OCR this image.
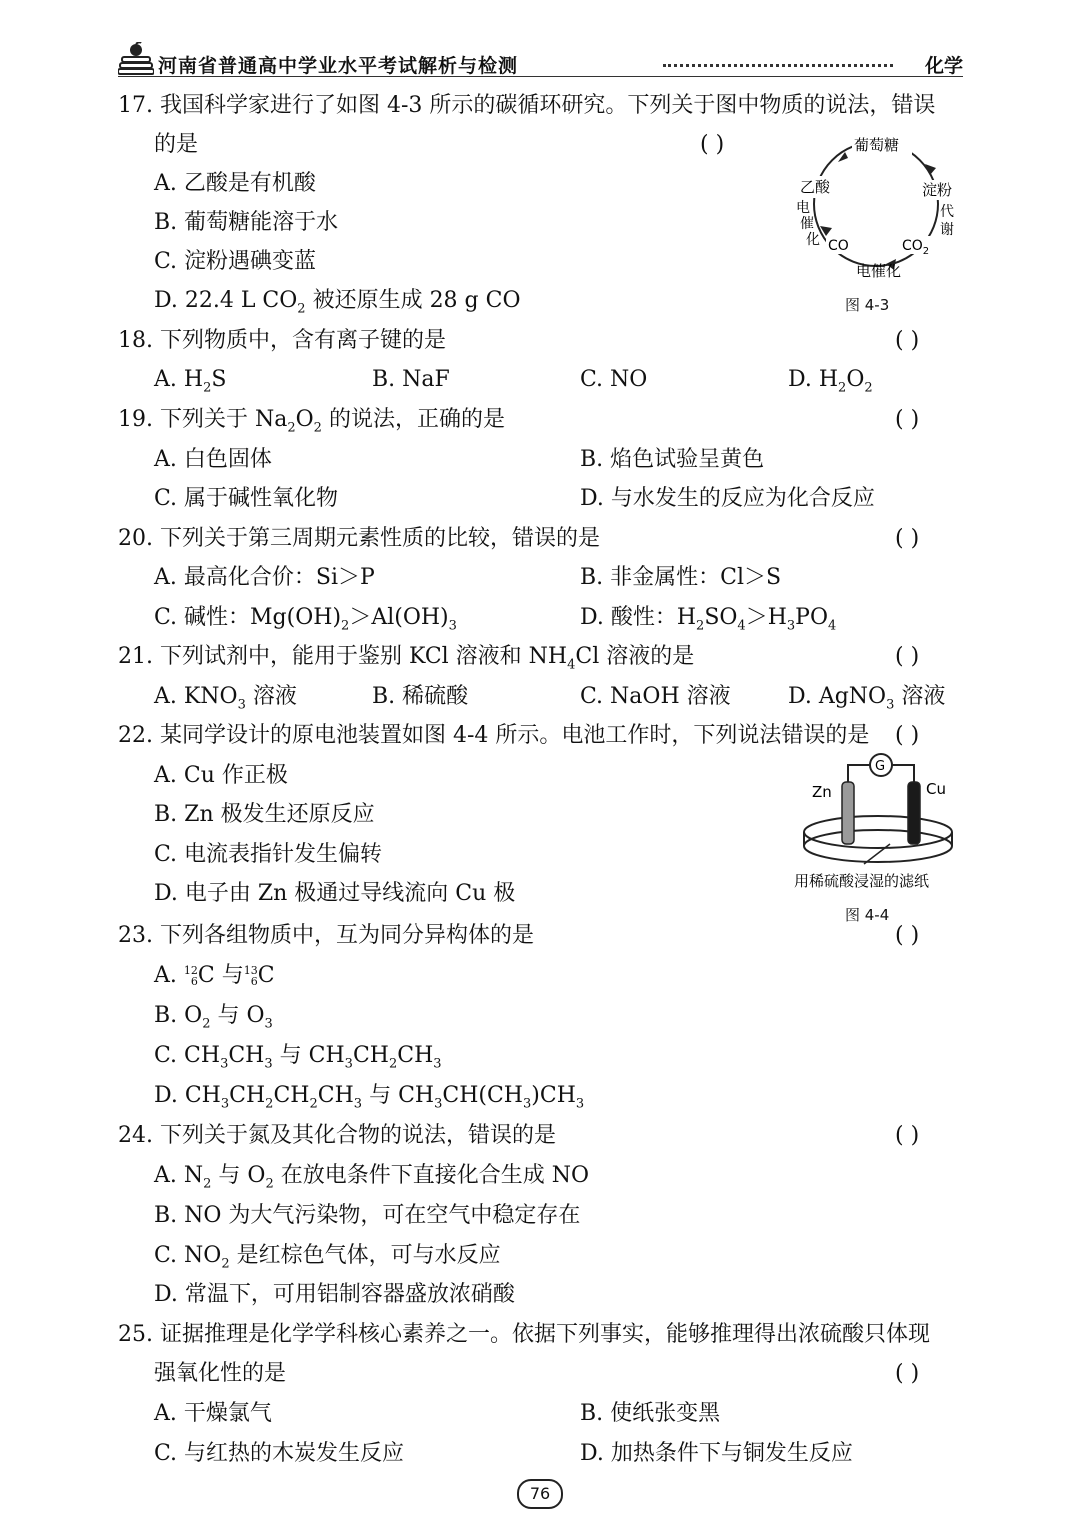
河南省普通高中学业水平考试解析与检测	化学
17. 我国科学家进行了如图 4-3 所示的碳循环研究。下列关于图中物质的说法，错误
的是	( )
A. 乙酸是有机酸
B. 葡萄糖能溶于水
C. 淀粉遇碘变蓝
D. 22.4 L $CO_2$ 被还原生成 28 g CO
葡萄糖
乙酸	淀粉
代
谢
电
催
化 CO	$CO_2$
电催化
图 4-3
18. 下列物质中，含有离子键的是	( )
A. $H_2S$	B. NaF	C. NO	D. $H_2O_2$
19. 下列关于 $Na_2O_2$ 的说法，正确的是	( )
A. 白色固体	B. 焰色试验呈黄色
C. 属于碱性氧化物	D. 与水发生的反应为化合反应
20. 下列关于第三周期元素性质的比较，错误的是	( )
A. 最高化合价：Si＞P	B. 非金属性：Cl＞S
C. 碱性：$Mg(OH)_2>Al(OH)_3$	D. 酸性：$H_2SO_4>H_3PO_4$
21. 下列试剂中，能用于鉴别 KCl 溶液和 $NH_4Cl$ 溶液的是	( )
A. $KNO_3$ 溶液	B. 稀硫酸	C. NaOH 溶液	D. AgNO$_3$ 溶液
22. 某同学设计的原电池装置如图 4-4 所示。电池工作时，下列说法错误的是 ( )
A. Cu 作正极
B. Zn 极发生还原反应
C. 电流表指针发生偏转
D. 电子由 Zn 极通过导线流向 Cu 极
G
Zn	Cu
用稀硫酸浸湿的滤纸
图 4-4
23. 下列各组物质中，互为同分异构体的是	( )
A. 12
6 C 与 13
6 C
B. $O_2$ 与 $O_3$
C. $CH_3CH_3$ 与 $CH_3CH_2CH_3$
D. $CH_3CH_2CH_2CH_3$ 与 $CH_3CH(CH_3)CH_3$
24. 下列关于氮及其化合物的说法，错误的是	( )
A. $N_2$ 与 $O_2$ 在放电条件下直接化合生成 NO
B. NO 为大气污染物，可在空气中稳定存在
C. $NO_2$ 是红棕色气体，可与水反应
D. 常温下，可用铝制容器盛放浓硝酸
25. 证据推理是化学学科核心素养之一。依据下列事实，能够推理得出浓硫酸只体现
强氧化性的是	( )
A. 干燥氯气	B. 使纸张变黑
C. 与红热的木炭发生反应	D. 加热条件下与铜发生反应
76
